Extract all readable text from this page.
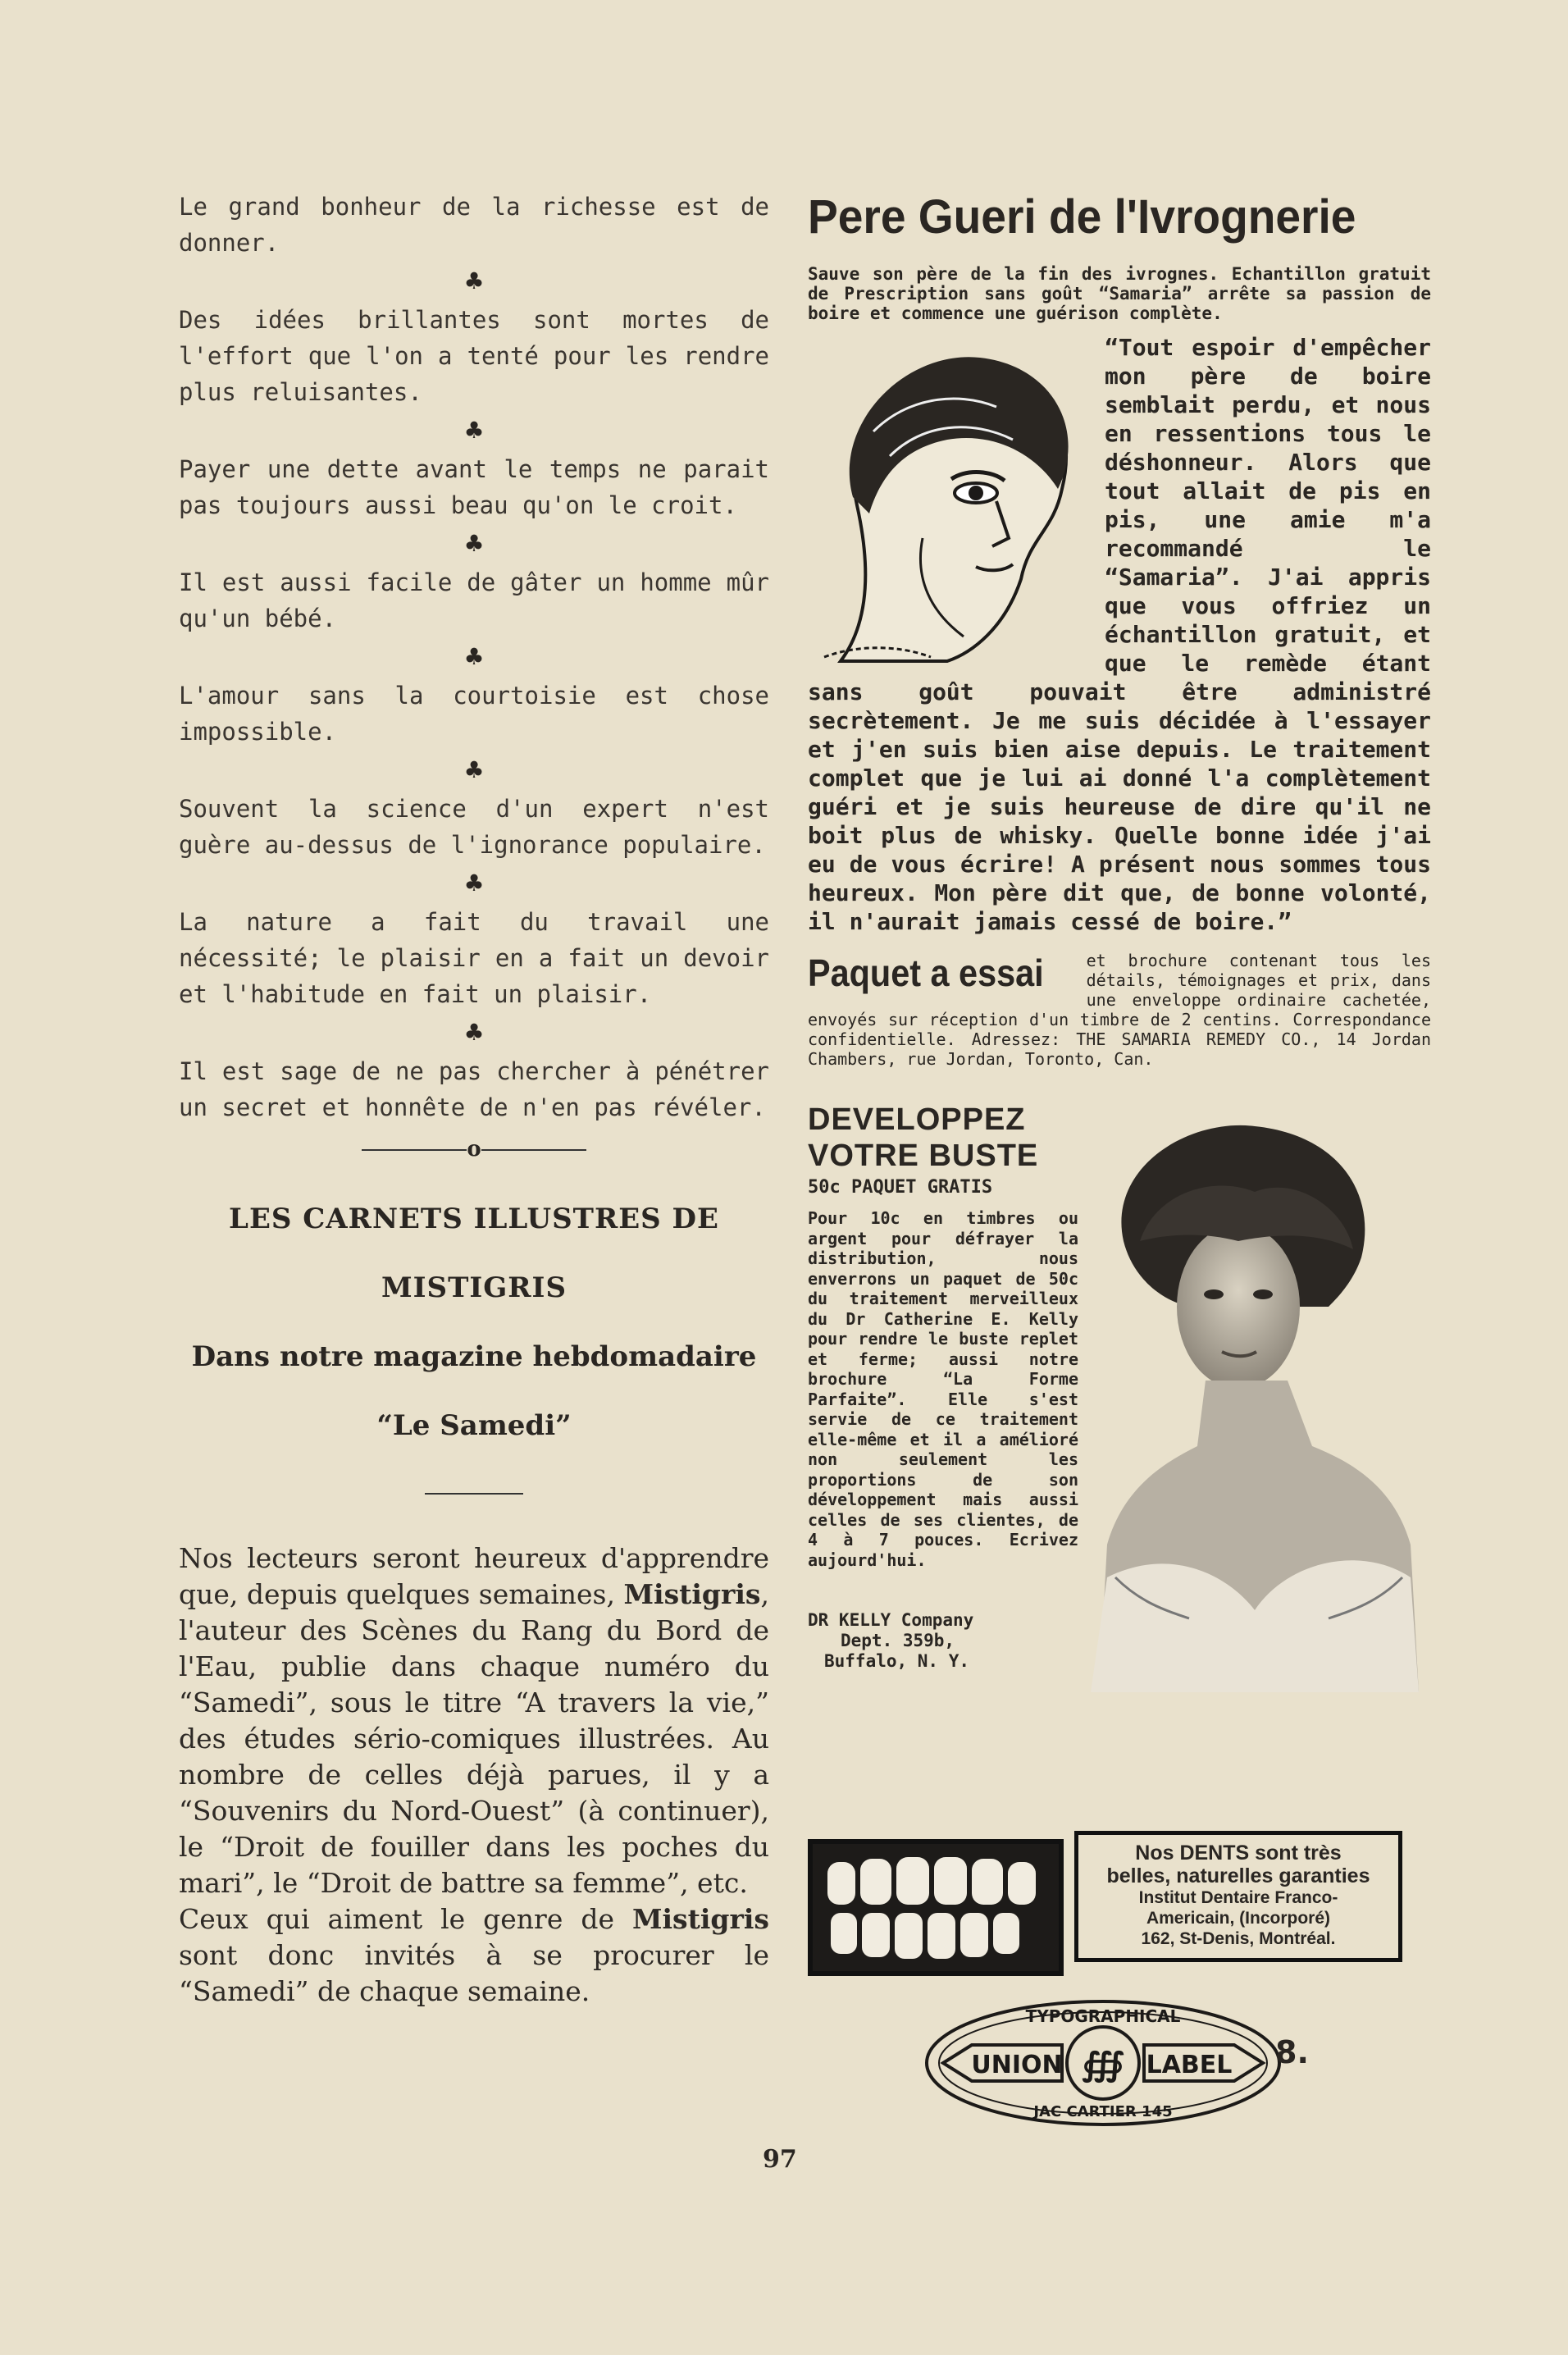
Le grand bonheur de la richesse est de donner.

♣

Des idées brillantes sont mortes de l'effort que l'on a tenté pour les rendre plus reluisantes.

♣

Payer une dette avant le temps ne parait pas toujours aussi beau qu'on le croit.

♣

Il est aussi facile de gâter un homme mûr qu'un bébé.

♣

L'amour sans la courtoisie est chose impossible.

♣

Souvent la science d'un expert n'est guère au-dessus de l'ignorance populaire.

♣

La nature a fait du travail une nécessité; le plaisir en a fait un devoir et l'habitude en fait un plaisir.

♣

Il est sage de ne pas chercher à pénétrer un secret et honnête de n'en pas révéler.

o
LES CARNETS ILLUSTRES DE
MISTIGRIS
Dans notre magazine hebdomadaire
“Le Samedi”

Nos lecteurs seront heureux d'apprendre que, depuis quelques semaines, Mistigris, l'auteur des Scènes du Rang du Bord de l'Eau, publie dans chaque numéro du “Samedi”, sous le titre “A travers la vie,” des études sério-comiques illustrées. Au nombre de celles déjà parues, il y a “Souvenirs du Nord-Ouest” (à continuer), le “Droit de fouiller dans les poches du mari”, le “Droit de battre sa femme”, etc.

Ceux qui aiment le genre de Mistigris sont donc invités à se procurer le “Samedi” de chaque semaine.

Pere Gueri de l'Ivrognerie

Sauve son père de la fin des ivrognes. Echantillon gratuit de Prescription sans goût “Samaria” arrête sa passion de boire et commence une guérison complète.

“Tout espoir d'empêcher mon père de boire semblait perdu, et nous en ressentions tous le déshonneur. Alors que tout allait de pis en pis, une amie m'a recommandé le “Samaria”. J'ai appris que vous offriez un échantillon gratuit, et que le remède étant sans goût pouvait être administré secrètement. Je me suis décidée à l'essayer et j'en suis bien aise depuis. Le traitement complet que je lui ai donné l'a complètement guéri et je suis heureuse de dire qu'il ne boit plus de whisky. Quelle bonne idée j'ai eu de vous écrire! A présent nous sommes tous heureux. Mon père dit que, de bonne volonté, il n'aurait jamais cessé de boire.”

Paquet a essai	et brochure contenant tous les détails, témoignages et prix, dans une enveloppe ordinaire cachetée, envoyés sur réception d'un timbre de 2 centins. Correspondance confidentielle. Adressez: THE SAMARIA REMEDY CO., 14 Jordan Chambers, rue Jordan, Toronto, Can.

DEVELOPPEZ

VOTRE BUSTE

50c PAQUET GRATIS

Pour 10c en timbres ou argent pour défrayer la distribution, nous enverrons un paquet de 50c du traitement merveilleux du Dr Catherine E. Kelly pour rendre le buste replet et ferme; aussi notre brochure “La Forme Parfaite”. Elle s'est servie de ce traitement elle-même et il a amélioré non seulement les proportions de son développement mais aussi celles de ses clientes, de 4 à 7 pouces. Ecrivez aujourd'hui.

DR KELLY Company
Dept. 359b,
Buffalo, N. Y.
Nos DENTS sont très
belles, naturelles garanties
Institut Dentaire Franco-
Americain, (Incorporé)
162, St-Denis, Montréal.
∰
UNION	LABEL
TYPOGRAPHICAL
JAC CARTIER 145
8.
97
